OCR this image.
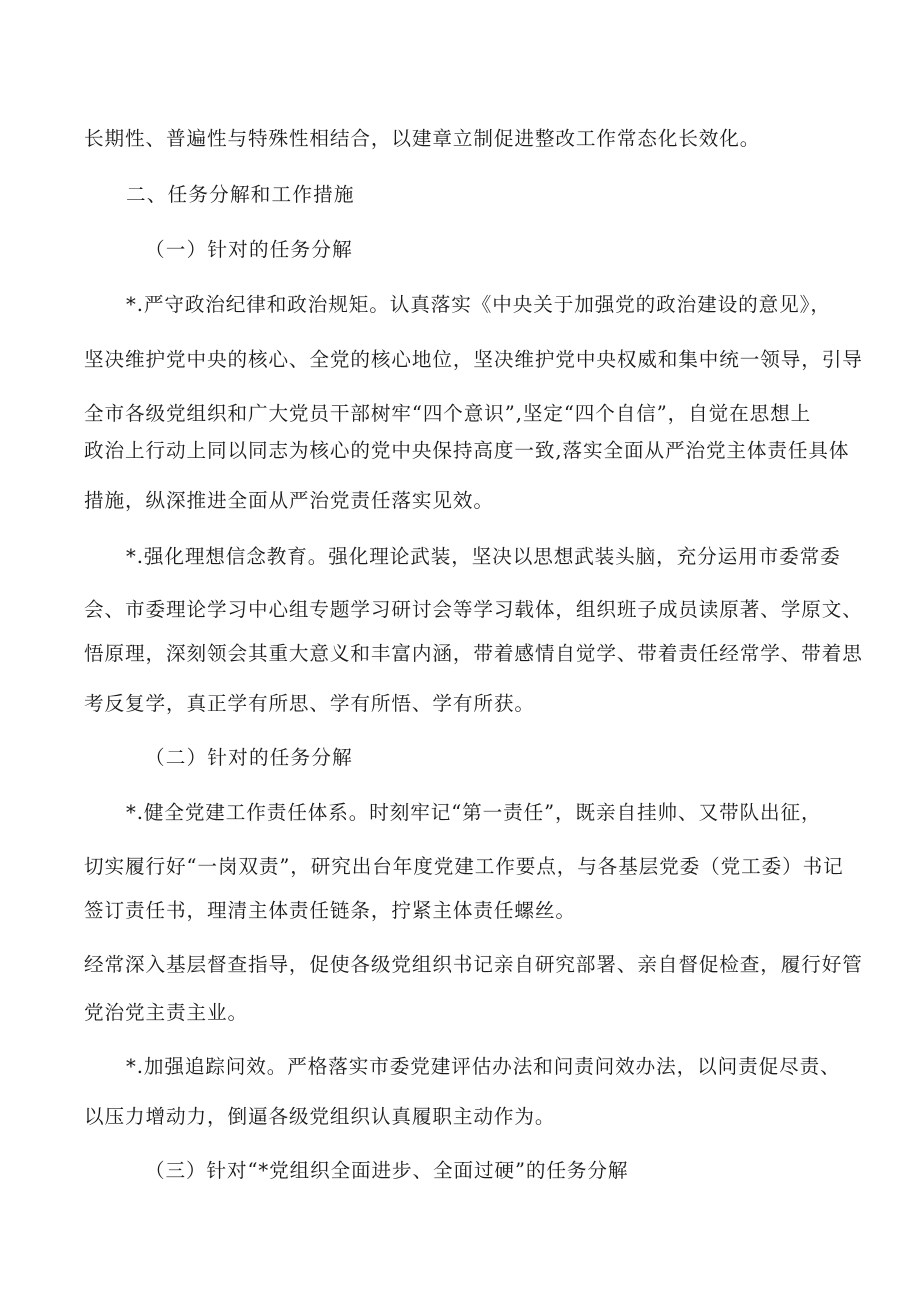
长期性、普遍性与特殊性相结合，以建章立制促进整改工作常态化长效化。
二、任务分解和工作措施
（一）针对的任务分解
*.严守政治纪律和政治规矩。认真落实《中央关于加强党的政治建设的意见》，
坚决维护党中央的核心、全党的核心地位，坚决维护党中央权威和集中统一领导，引导
全市各级党组织和广大党员干部树牢“四个意识”,坚定“四个自信”，自觉在思想上
政治上行动上同以同志为核心的党中央保持高度一致,落实全面从严治党主体责任具体
措施，纵深推进全面从严治党责任落实见效。
*.强化理想信念教育。强化理论武装，坚决以思想武装头脑，充分运用市委常委
会、市委理论学习中心组专题学习研讨会等学习载体，组织班子成员读原著、学原文、
悟原理，深刻领会其重大意义和丰富内涵，带着感情自觉学、带着责任经常学、带着思
考反复学，真正学有所思、学有所悟、学有所获。
（二）针对的任务分解
*.健全党建工作责任体系。时刻牢记“第一责任”，既亲自挂帅、又带队出征，
切实履行好“一岗双责”，研究出台年度党建工作要点，与各基层党委（党工委）书记
签订责任书，理清主体责任链条，拧紧主体责任螺丝。
经常深入基层督查指导，促使各级党组织书记亲自研究部署、亲自督促检查，履行好管
党治党主责主业。
*.加强追踪问效。严格落实市委党建评估办法和问责问效办法，以问责促尽责、
以压力增动力，倒逼各级党组织认真履职主动作为。
（三）针对“*党组织全面进步、全面过硬”的任务分解
